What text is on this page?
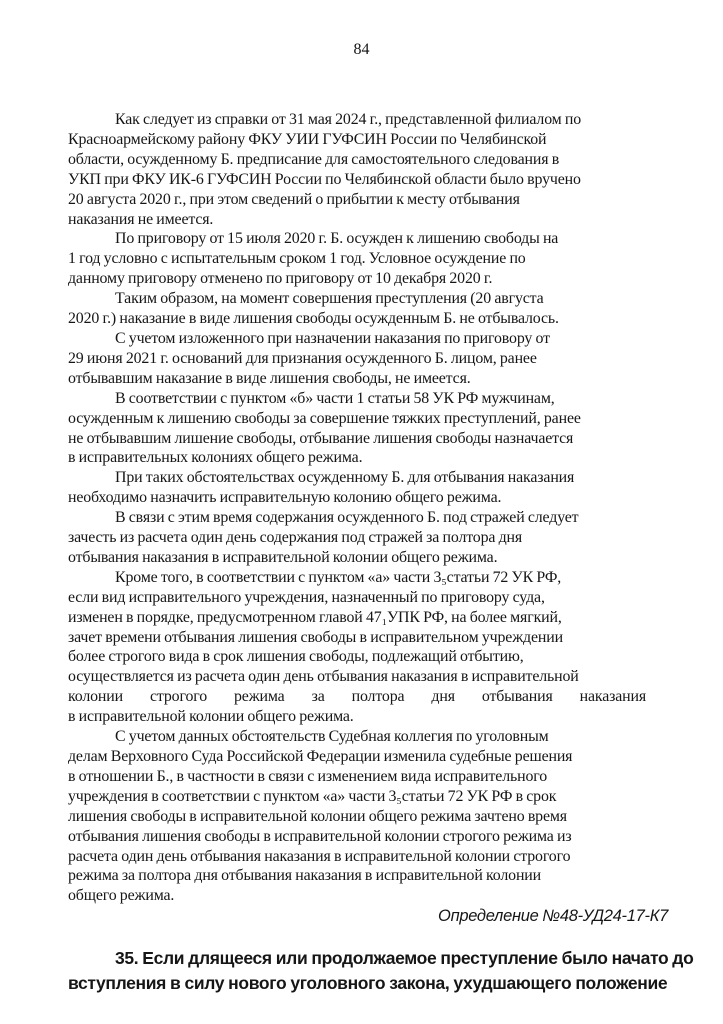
84
Как следует из справки от 31 мая 2024 г., представленной филиалом по
Красноармейскому району ФКУ УИИ ГУФСИН России по Челябинской
области, осужденному Б. предписание для самостоятельного следования в
УКП при ФКУ ИК-6 ГУФСИН России по Челябинской области было вручено
20 августа 2020 г., при этом сведений о прибытии к месту отбывания
наказания не имеется.
По приговору от 15 июля 2020 г. Б. осужден к лишению свободы на
1 год условно с испытательным сроком 1 год. Условное осуждение по
данному приговору отменено по приговору от 10 декабря 2020 г.
Таким образом, на момент совершения преступления (20 августа
2020 г.) наказание в виде лишения свободы осужденным Б. не отбывалось.
С учетом изложенного при назначении наказания по приговору от
29 июня 2021 г. оснований для признания осужденного Б. лицом, ранее
отбывавшим наказание в виде лишения свободы, не имеется.
В соответствии с пунктом «б» части 1 статьи 58 УК РФ мужчинам,
осужденным к лишению свободы за совершение тяжких преступлений, ранее
не отбывавшим лишение свободы, отбывание лишения свободы назначается
в исправительных колониях общего режима.
При таких обстоятельствах осужденному Б. для отбывания наказания
необходимо назначить исправительную колонию общего режима.
В связи с этим время содержания осужденного Б. под стражей следует
зачесть из расчета один день содержания под стражей за полтора дня
отбывания наказания в исправительной колонии общего режима.
Кроме того, в соответствии с пунктом «а» части 3₅статьи 72 УК РФ,
если вид исправительного учреждения, назначенный по приговору суда,
изменен в порядке, предусмотренном главой 47₁УПК РФ, на более мягкий,
зачет времени отбывания лишения свободы в исправительном учреждении
более строгого вида в срок лишения свободы, подлежащий отбытию,
осуществляется из расчета один день отбывания наказания в исправительной
колонии строгого режима за полтора дня отбывания наказания
в исправительной колонии общего режима.
С учетом данных обстоятельств Судебная коллегия по уголовным
делам Верховного Суда Российской Федерации изменила судебные решения
в отношении Б., в частности в связи с изменением вида исправительного
учреждения в соответствии с пунктом «а» части 3₅статьи 72 УК РФ в срок
лишения свободы в исправительной колонии общего режима зачтено время
отбывания лишения свободы в исправительной колонии строгого режима из
расчета один день отбывания наказания в исправительной колонии строгого
режима за полтора дня отбывания наказания в исправительной колонии
общего режима.
Определение №48-УД24-17-К7
35. Если длящееся или продолжаемое преступление было начато до
вступления в силу нового уголовного закона, ухудшающего положение
